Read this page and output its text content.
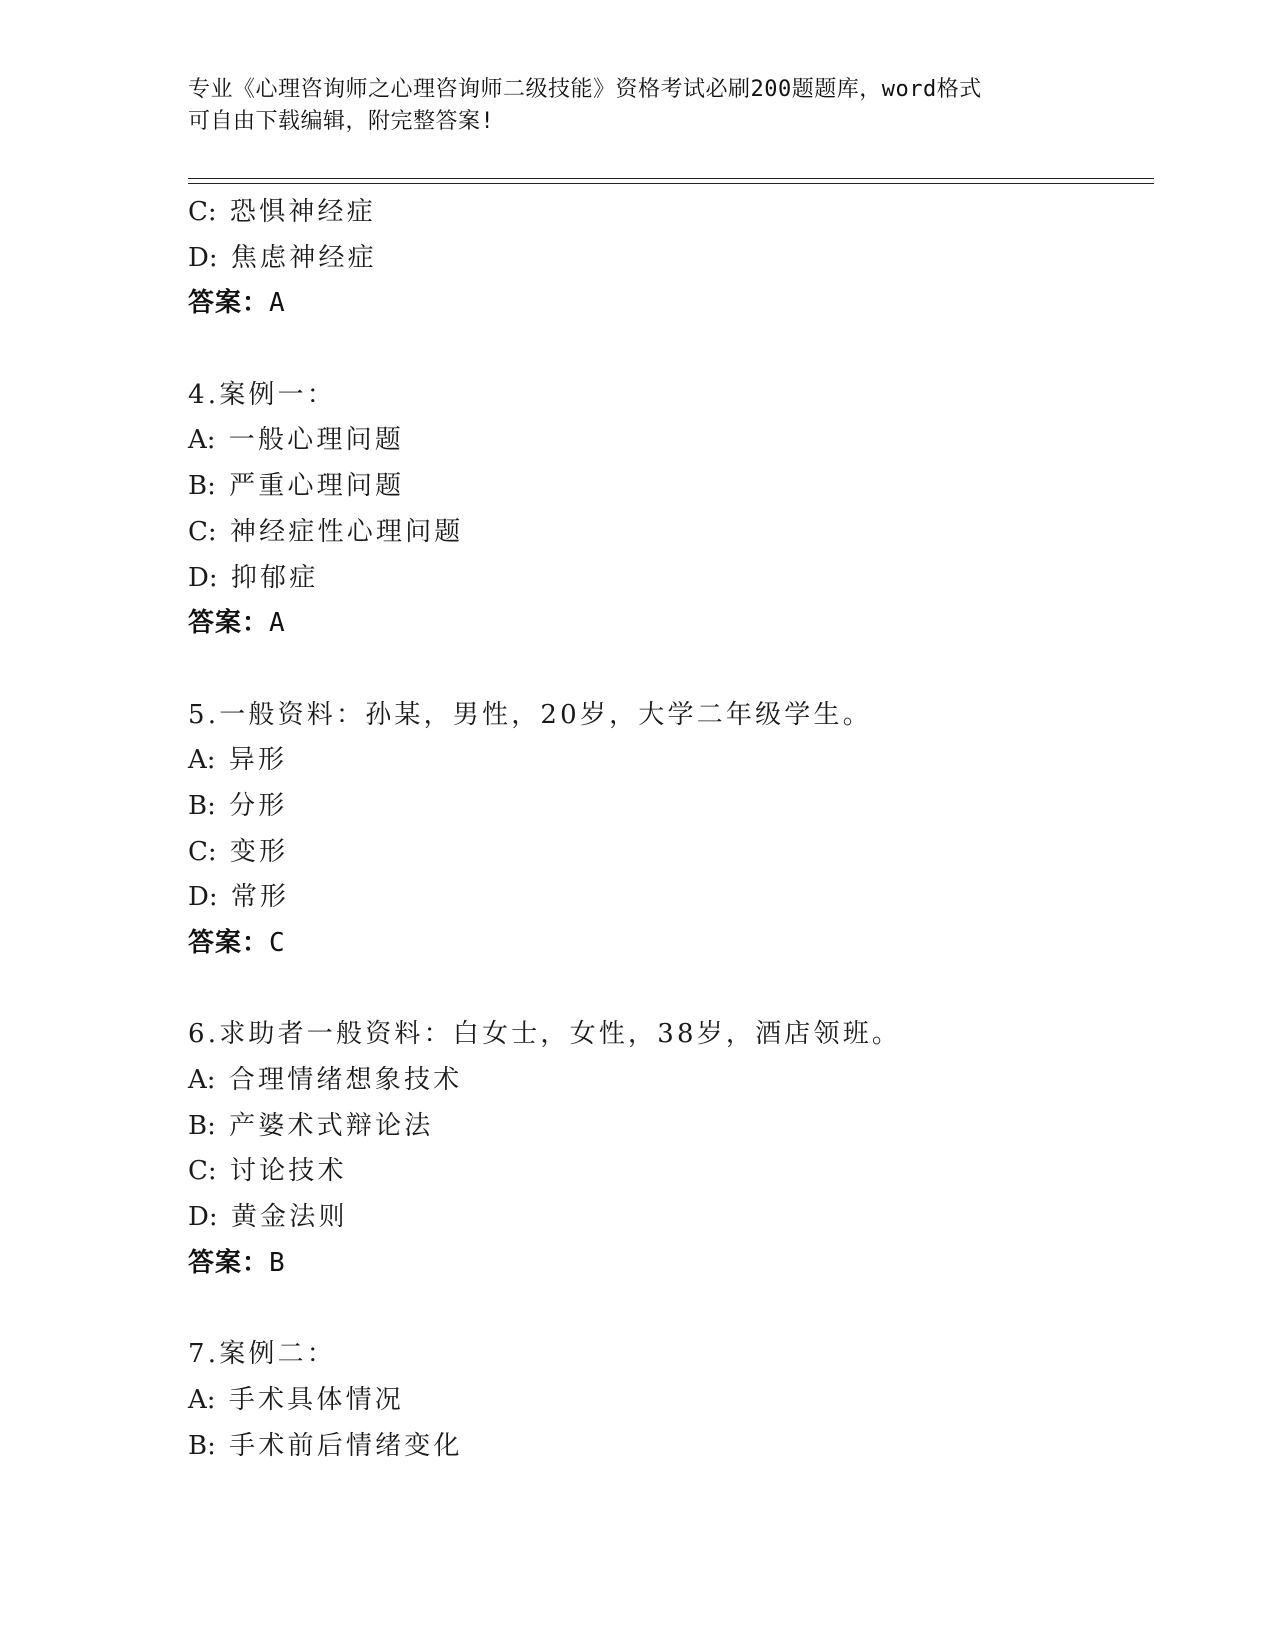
专业《心理咨询师之心理咨询师二级技能》资格考试必刷200题题库，word格式
可自由下载编辑，附完整答案!
C: 恐惧神经症
D: 焦虑神经症
答案：A
4.案例一：
A: 一般心理问题
B: 严重心理问题
C: 神经症性心理问题
D: 抑郁症
答案：A
5.一般资料：孙某，男性，20岁，大学二年级学生。
A: 异形
B: 分形
C: 变形
D: 常形
答案：C
6.求助者一般资料：白女士，女性，38岁，酒店领班。
A: 合理情绪想象技术
B: 产婆术式辩论法
C: 讨论技术
D: 黄金法则
答案：B
7.案例二：
A: 手术具体情况
B: 手术前后情绪变化
